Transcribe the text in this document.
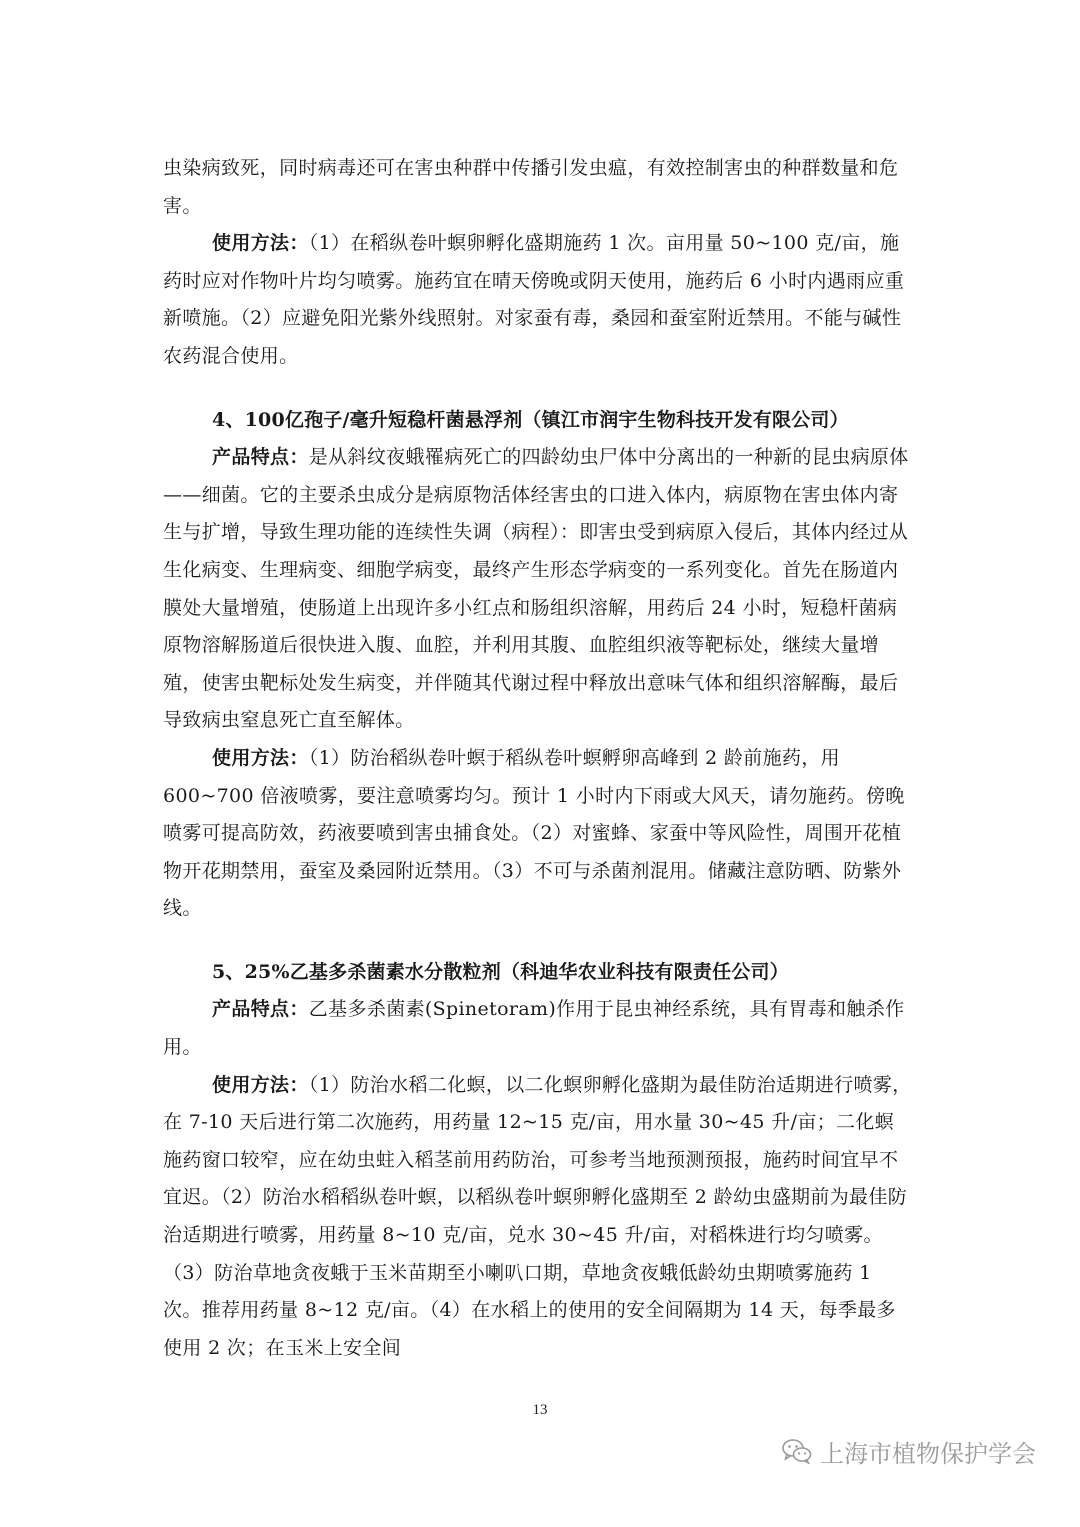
虫染病致死，同时病毒还可在害虫种群中传播引发虫瘟，有效控制害虫的种群数量和危害。

使用方法：（1）在稻纵卷叶螟卵孵化盛期施药 1 次。亩用量 50~100 克/亩，施药时应对作物叶片均匀喷雾。施药宜在晴天傍晚或阴天使用，施药后 6 小时内遇雨应重新喷施。（2）应避免阳光紫外线照射。对家蚕有毒，桑园和蚕室附近禁用。不能与碱性农药混合使用。

4、100亿孢子/毫升短稳杆菌悬浮剂（镇江市润宇生物科技开发有限公司）

产品特点：是从斜纹夜蛾罹病死亡的四龄幼虫尸体中分离出的一种新的昆虫病原体——细菌。它的主要杀虫成分是病原物活体经害虫的口进入体内，病原物在害虫体内寄生与扩增，导致生理功能的连续性失调（病程）：即害虫受到病原入侵后，其体内经过从生化病变、生理病变、细胞学病变，最终产生形态学病变的一系列变化。首先在肠道内膜处大量增殖，使肠道上出现许多小红点和肠组织溶解，用药后 24 小时，短稳杆菌病原物溶解肠道后很快进入腹、血腔，并利用其腹、血腔组织液等靶标处，继续大量增殖，使害虫靶标处发生病变，并伴随其代谢过程中释放出意味气体和组织溶解酶，最后导致病虫窒息死亡直至解体。

使用方法：（1）防治稻纵卷叶螟于稻纵卷叶螟孵卵高峰到 2 龄前施药，用 600~700 倍液喷雾，要注意喷雾均匀。预计 1 小时内下雨或大风天，请勿施药。傍晚喷雾可提高防效，药液要喷到害虫捕食处。（2）对蜜蜂、家蚕中等风险性，周围开花植物开花期禁用，蚕室及桑园附近禁用。（3）不可与杀菌剂混用。储藏注意防晒、防紫外线。

5、25%乙基多杀菌素水分散粒剂（科迪华农业科技有限责任公司）

产品特点：乙基多杀菌素(Spinetoram)作用于昆虫神经系统，具有胃毒和触杀作用。

使用方法：（1）防治水稻二化螟，以二化螟卵孵化盛期为最佳防治适期进行喷雾，在 7-10 天后进行第二次施药，用药量 12~15 克/亩，用水量 30~45 升/亩；二化螟施药窗口较窄，应在幼虫蛀入稻茎前用药防治，可参考当地预测预报，施药时间宜早不宜迟。（2）防治水稻稻纵卷叶螟，以稻纵卷叶螟卵孵化盛期至 2 龄幼虫盛期前为最佳防治适期进行喷雾，用药量 8~10 克/亩，兑水 30~45 升/亩，对稻株进行均匀喷雾。（3）防治草地贪夜蛾于玉米苗期至小喇叭口期，草地贪夜蛾低龄幼虫期喷雾施药 1 次。推荐用药量 8~12 克/亩。（4）在水稻上的使用的安全间隔期为 14 天，每季最多使用 2 次；在玉米上安全间

13
上海市植物保护学会
